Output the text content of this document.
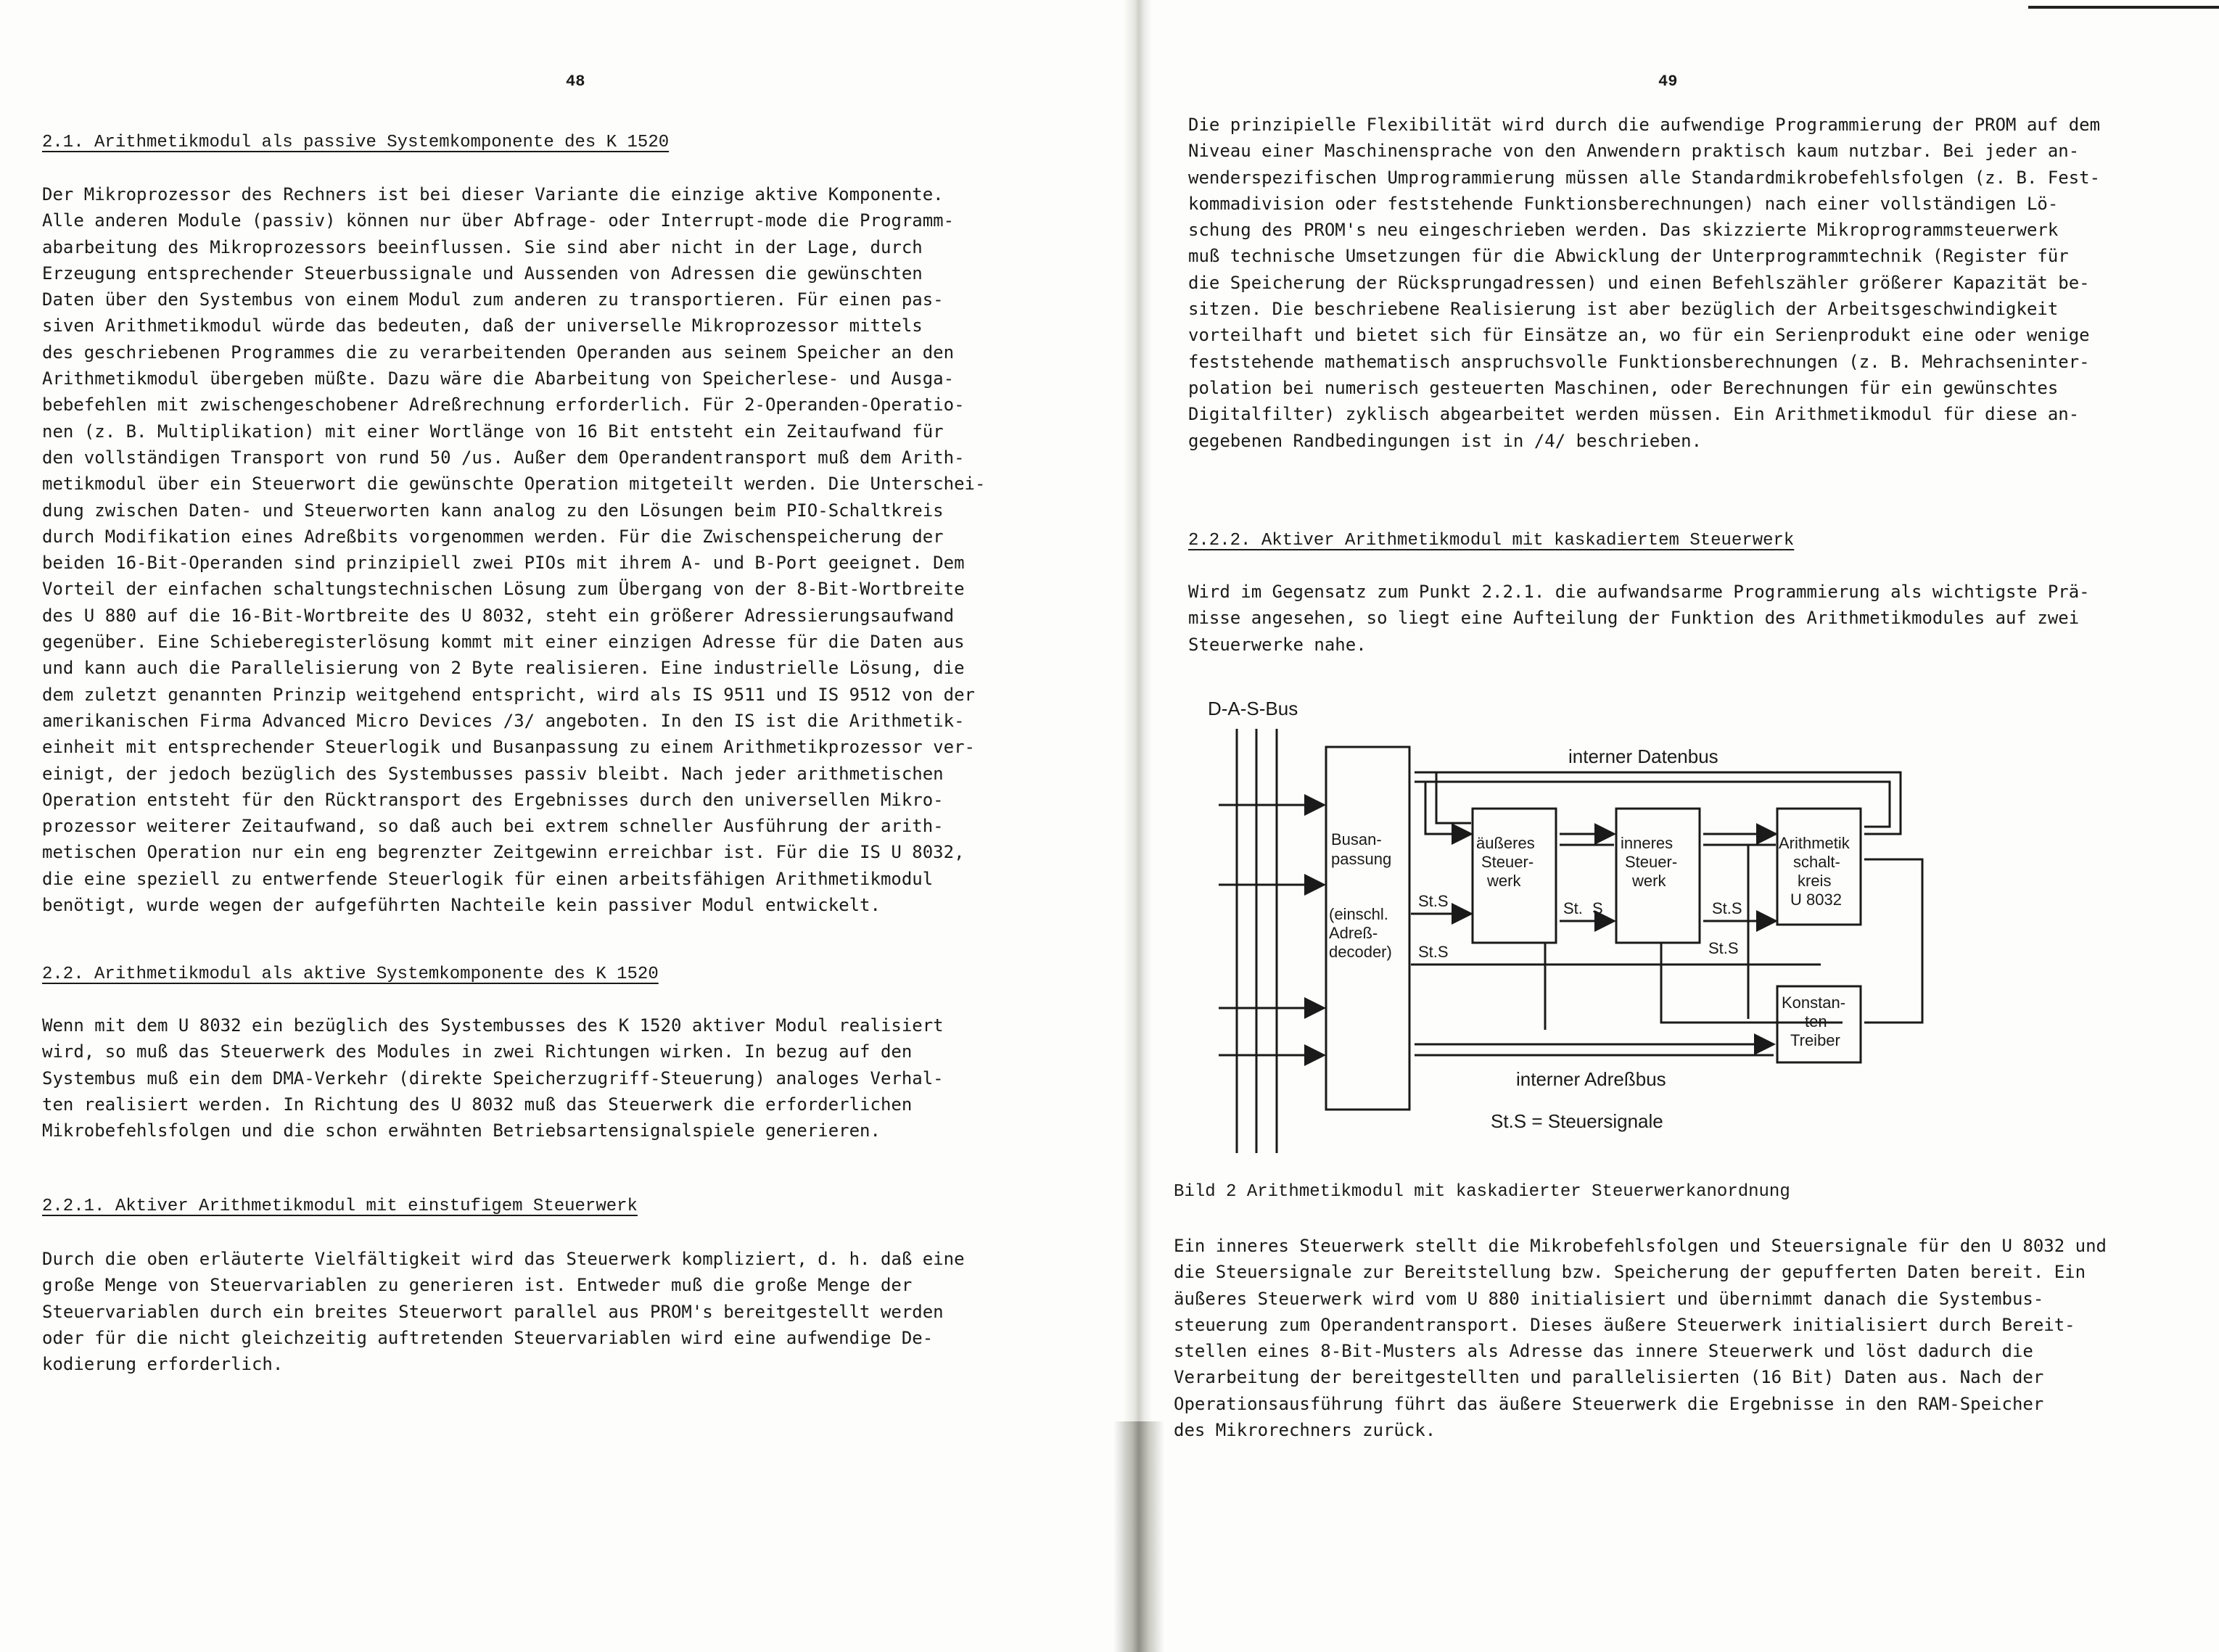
48
2.1. Arithmetikmodul als passive Systemkomponente des K 1520
Der Mikroprozessor des Rechners ist bei dieser Variante die einzige aktive Komponente.
Alle anderen Module (passiv) können nur über Abfrage- oder Interrupt-mode die Programm-
abarbeitung des Mikroprozessors beeinflussen. Sie sind aber nicht in der Lage, durch
Erzeugung entsprechender Steuerbussignale und Aussenden von Adressen die gewünschten
Daten über den Systembus von einem Modul zum anderen zu transportieren. Für einen pas-
siven Arithmetikmodul würde das bedeuten, daß der universelle Mikroprozessor mittels
des geschriebenen Programmes die zu verarbeitenden Operanden aus seinem Speicher an den
Arithmetikmodul übergeben müßte. Dazu wäre die Abarbeitung von Speicherlese- und Ausga-
bebefehlen mit zwischengeschobener Adreßrechnung erforderlich. Für 2-Operanden-Operatio-
nen (z. B. Multiplikation) mit einer Wortlänge von 16 Bit entsteht ein Zeitaufwand für
den vollständigen Transport von rund 50 /us. Außer dem Operandentransport muß dem Arith-
metikmodul über ein Steuerwort die gewünschte Operation mitgeteilt werden. Die Unterschei-
dung zwischen Daten- und Steuerworten kann analog zu den Lösungen beim PIO-Schaltkreis
durch Modifikation eines Adreßbits vorgenommen werden. Für die Zwischenspeicherung der
beiden 16-Bit-Operanden sind prinzipiell zwei PIOs mit ihrem A- und B-Port geeignet. Dem
Vorteil der einfachen schaltungstechnischen Lösung zum Übergang von der 8-Bit-Wortbreite
des U 880 auf die 16-Bit-Wortbreite des U 8032, steht ein größerer Adressierungsaufwand
gegenüber. Eine Schieberegisterlösung kommt mit einer einzigen Adresse für die Daten aus
und kann auch die Parallelisierung von 2 Byte realisieren. Eine industrielle Lösung, die
dem zuletzt genannten Prinzip weitgehend entspricht, wird als IS 9511 und IS 9512 von der
amerikanischen Firma Advanced Micro Devices /3/ angeboten. In den IS ist die Arithmetik-
einheit mit entsprechender Steuerlogik und Busanpassung zu einem Arithmetikprozessor ver-
einigt, der jedoch bezüglich des Systembusses passiv bleibt. Nach jeder arithmetischen
Operation entsteht für den Rücktransport des Ergebnisses durch den universellen Mikro-
prozessor weiterer Zeitaufwand, so daß auch bei extrem schneller Ausführung der arith-
metischen Operation nur ein eng begrenzter Zeitgewinn erreichbar ist. Für die IS U 8032,
die eine speziell zu entwerfende Steuerlogik für einen arbeitsfähigen Arithmetikmodul
benötigt, wurde wegen der aufgeführten Nachteile kein passiver Modul entwickelt.
2.2. Arithmetikmodul als aktive Systemkomponente des K 1520
Wenn mit dem U 8032 ein bezüglich des Systembusses des K 1520 aktiver Modul realisiert
wird, so muß das Steuerwerk des Modules in zwei Richtungen wirken. In bezug auf den
Systembus muß ein dem DMA-Verkehr (direkte Speicherzugriff-Steuerung) analoges Verhal-
ten realisiert werden. In Richtung des U 8032 muß das Steuerwerk die erforderlichen
Mikrobefehlsfolgen und die schon erwähnten Betriebsartensignalspiele generieren.
2.2.1. Aktiver Arithmetikmodul mit einstufigem Steuerwerk
Durch die oben erläuterte Vielfältigkeit wird das Steuerwerk kompliziert, d. h. daß eine
große Menge von Steuervariablen zu generieren ist. Entweder muß die große Menge der
Steuervariablen durch ein breites Steuerwort parallel aus PROM's bereitgestellt werden
oder für die nicht gleichzeitig auftretenden Steuervariablen wird eine aufwendige De-
kodierung erforderlich.
49
Die prinzipielle Flexibilität wird durch die aufwendige Programmierung der PROM auf dem
Niveau einer Maschinensprache von den Anwendern praktisch kaum nutzbar. Bei jeder an-
wenderspezifischen Umprogrammierung müssen alle Standardmikrobefehlsfolgen (z. B. Fest-
kommadivision oder feststehende Funktionsberechnungen) nach einer vollständigen Lö-
schung des PROM's neu eingeschrieben werden. Das skizzierte Mikroprogrammsteuerwerk
muß technische Umsetzungen für die Abwicklung der Unterprogrammtechnik (Register für
die Speicherung der Rücksprungadressen) und einen Befehlszähler größerer Kapazität be-
sitzen. Die beschriebene Realisierung ist aber bezüglich der Arbeitsgeschwindigkeit
vorteilhaft und bietet sich für Einsätze an, wo für ein Serienprodukt eine oder wenige
feststehende mathematisch anspruchsvolle Funktionsberechnungen (z. B. Mehrachseninter-
polation bei numerisch gesteuerten Maschinen, oder Berechnungen für ein gewünschtes
Digitalfilter) zyklisch abgearbeitet werden müssen. Ein Arithmetikmodul für diese an-
gegebenen Randbedingungen ist in /4/ beschrieben.
2.2.2. Aktiver Arithmetikmodul mit kaskadiertem Steuerwerk
Wird im Gegensatz zum Punkt 2.2.1. die aufwandsarme Programmierung als wichtigste Prä-
misse angesehen, so liegt eine Aufteilung der Funktion des Arithmetikmodules auf zwei
Steuerwerke nahe.
Bild 2 Arithmetikmodul mit kaskadierter Steuerwerkanordnung
Ein inneres Steuerwerk stellt die Mikrobefehlsfolgen und Steuersignale für den U 8032 und
die Steuersignale zur Bereitstellung bzw. Speicherung der gepufferten Daten bereit. Ein
äußeres Steuerwerk wird vom U 880 initialisiert und übernimmt danach die Systembus-
steuerung zum Operandentransport. Dieses äußere Steuerwerk initialisiert durch Bereit-
stellen eines 8-Bit-Musters als Adresse das innere Steuerwerk und löst dadurch die
Verarbeitung der bereitgestellten und parallelisierten (16 Bit) Daten aus. Nach der
Operationsausführung führt das äußere Steuerwerk die Ergebnisse in den RAM-Speicher
des Mikrorechners zurück.
D-A-S-Bus
interner Datenbus
interner Adreßbus
St.S = Steuersignale
Busan-
passung
(einschl.
Adreß-
decoder)
äußeres
Steuer-
werk
inneres
Steuer-
werk
Arithmetik
schalt-
kreis
U 8032
Konstan-
ten
Treiber
St.S
St.S
St. S	St.S
St.S
